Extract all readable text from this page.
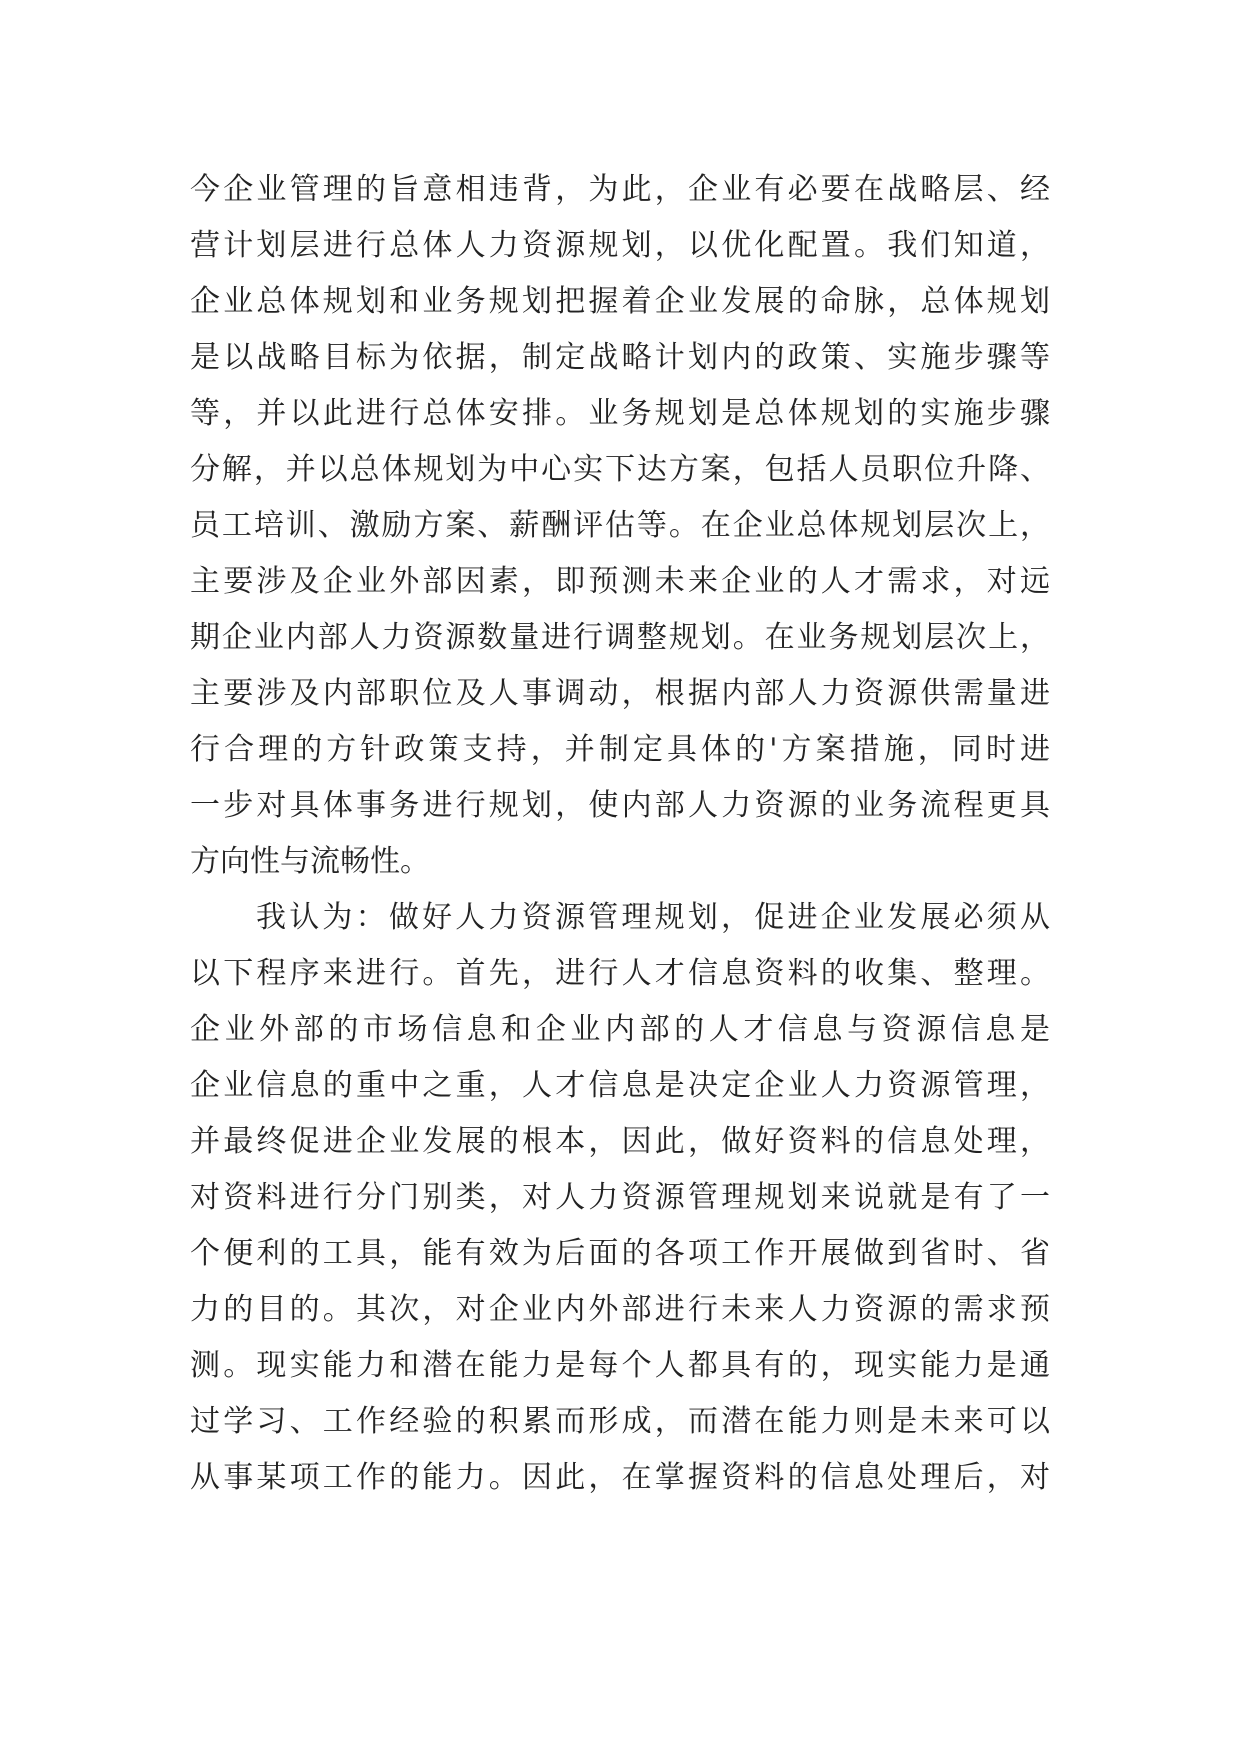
今企业管理的旨意相违背，为此，企业有必要在战略层、经
营计划层进行总体人力资源规划，以优化配置。我们知道，
企业总体规划和业务规划把握着企业发展的命脉，总体规划
是以战略目标为依据，制定战略计划内的政策、实施步骤等
等，并以此进行总体安排。业务规划是总体规划的实施步骤
分解，并以总体规划为中心实下达方案，包括人员职位升降、
员工培训、激励方案、薪酬评估等。在企业总体规划层次上，
主要涉及企业外部因素，即预测未来企业的人才需求，对远
期企业内部人力资源数量进行调整规划。在业务规划层次上，
主要涉及内部职位及人事调动，根据内部人力资源供需量进
行合理的方针政策支持，并制定具体的'方案措施，同时进
一步对具体事务进行规划，使内部人力资源的业务流程更具
方向性与流畅性。
我认为：做好人力资源管理规划，促进企业发展必须从
以下程序来进行。首先，进行人才信息资料的收集、整理。
企业外部的市场信息和企业内部的人才信息与资源信息是
企业信息的重中之重，人才信息是决定企业人力资源管理，
并最终促进企业发展的根本，因此，做好资料的信息处理，
对资料进行分门别类，对人力资源管理规划来说就是有了一
个便利的工具，能有效为后面的各项工作开展做到省时、省
力的目的。其次，对企业内外部进行未来人力资源的需求预
测。现实能力和潜在能力是每个人都具有的，现实能力是通
过学习、工作经验的积累而形成，而潜在能力则是未来可以
从事某项工作的能力。因此，在掌握资料的信息处理后，对
